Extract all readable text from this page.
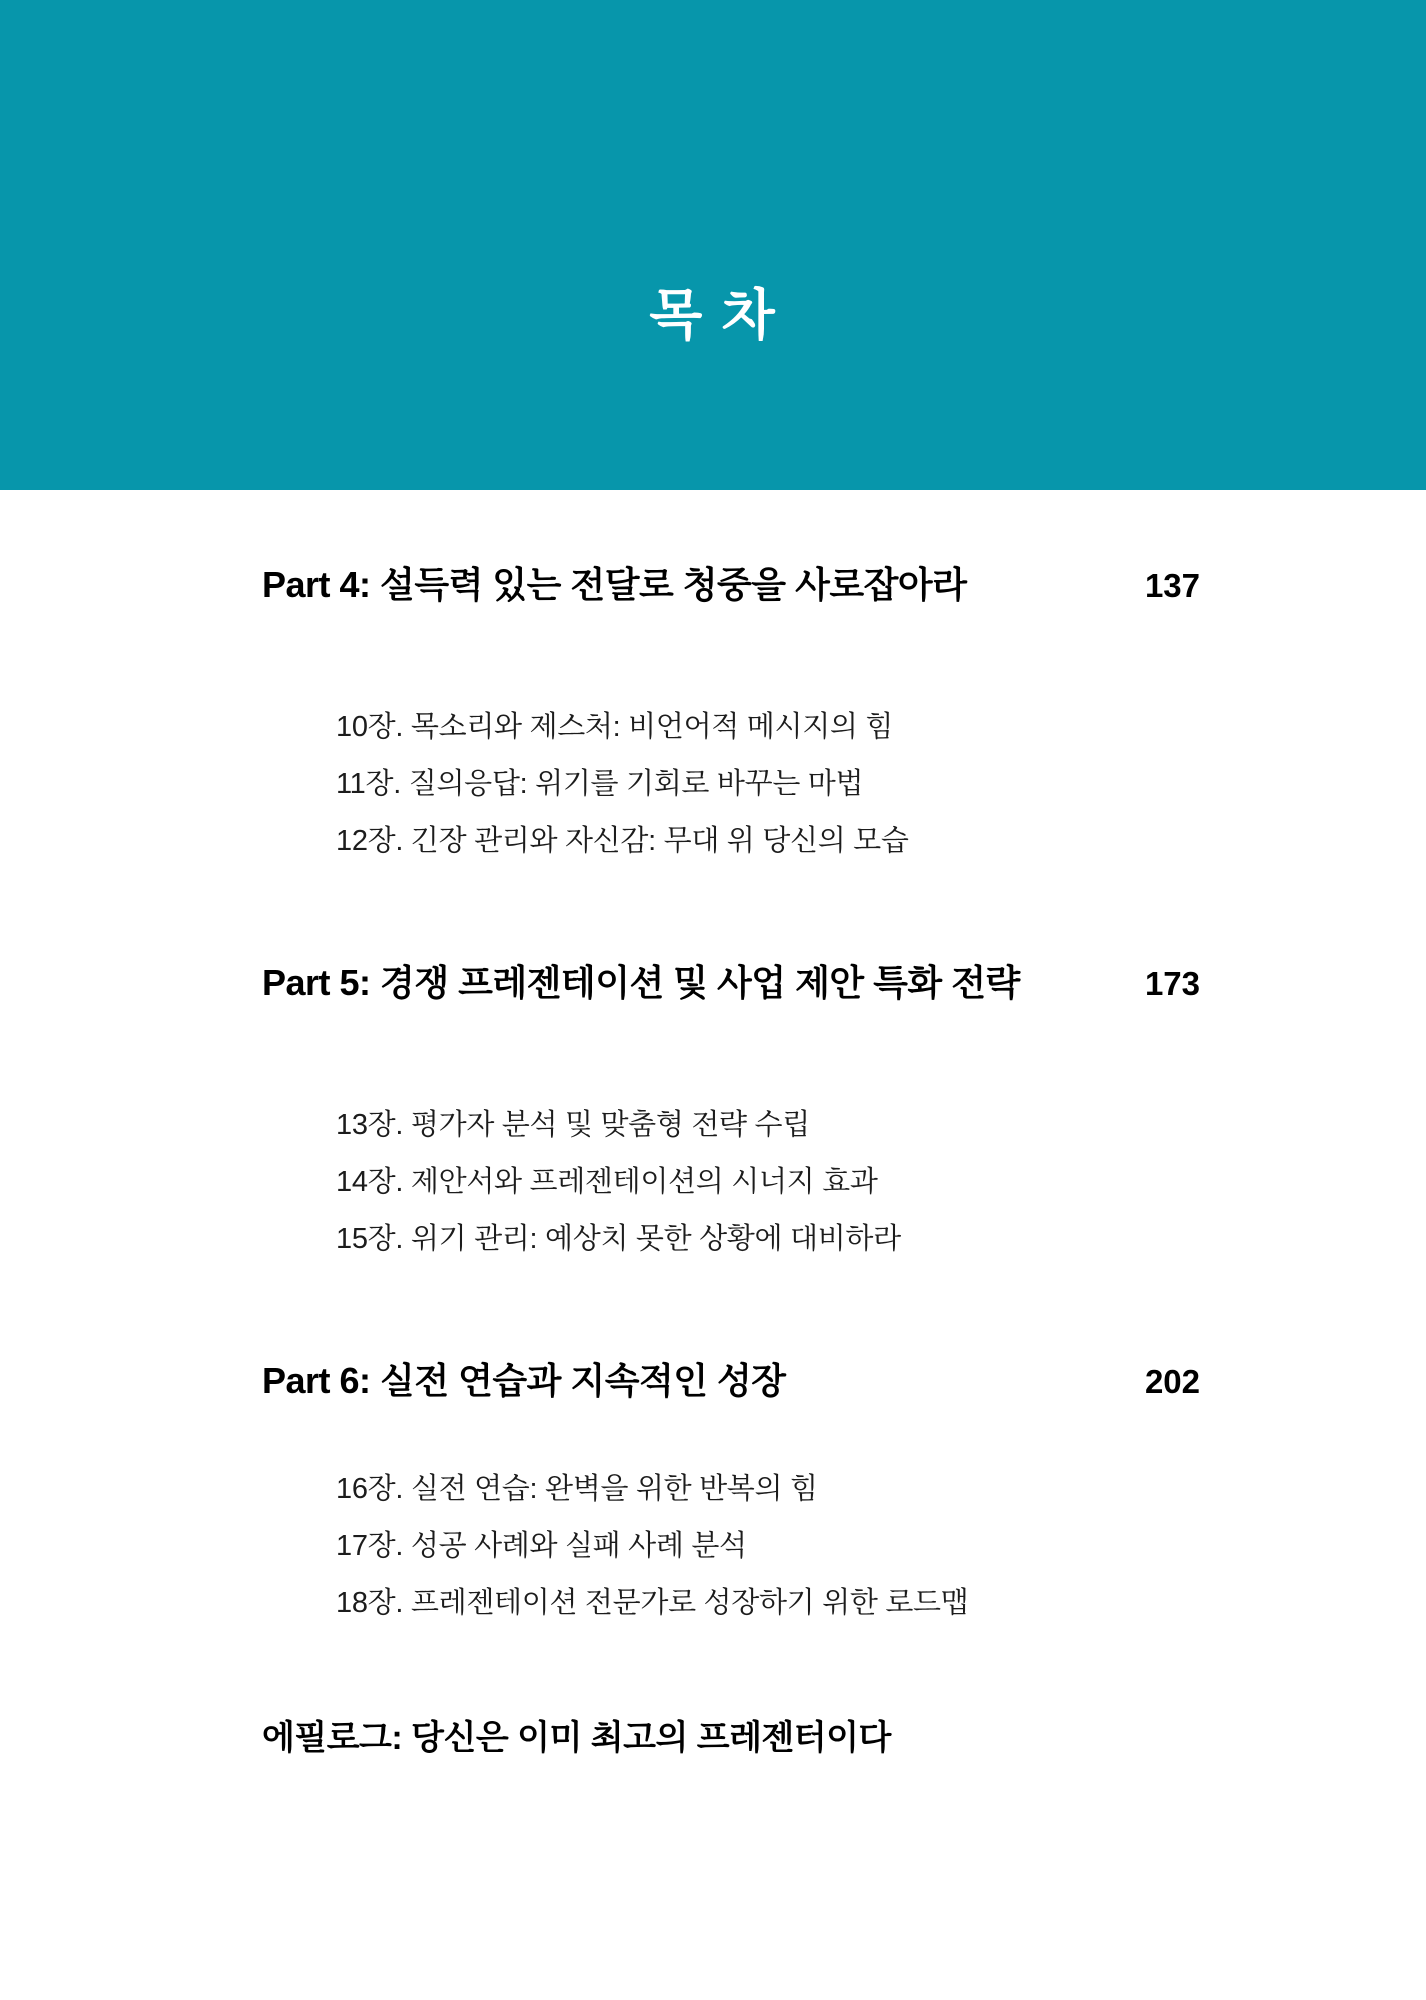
목 차
Part 4: 설득력 있는 전달로 청중을 사로잡아라	137
10장. 목소리와 제스처: 비언어적 메시지의 힘
11장. 질의응답: 위기를 기회로 바꾸는 마법
12장. 긴장 관리와 자신감: 무대 위 당신의 모습
Part 5: 경쟁 프레젠테이션 및 사업 제안 특화 전략	173
13장. 평가자 분석 및 맞춤형 전략 수립
14장. 제안서와 프레젠테이션의 시너지 효과
15장. 위기 관리: 예상치 못한 상황에 대비하라
Part 6: 실전 연습과 지속적인 성장	202
16장. 실전 연습: 완벽을 위한 반복의 힘
17장. 성공 사례와 실패 사례 분석
18장. 프레젠테이션 전문가로 성장하기 위한 로드맵
에필로그: 당신은 이미 최고의 프레젠터이다
